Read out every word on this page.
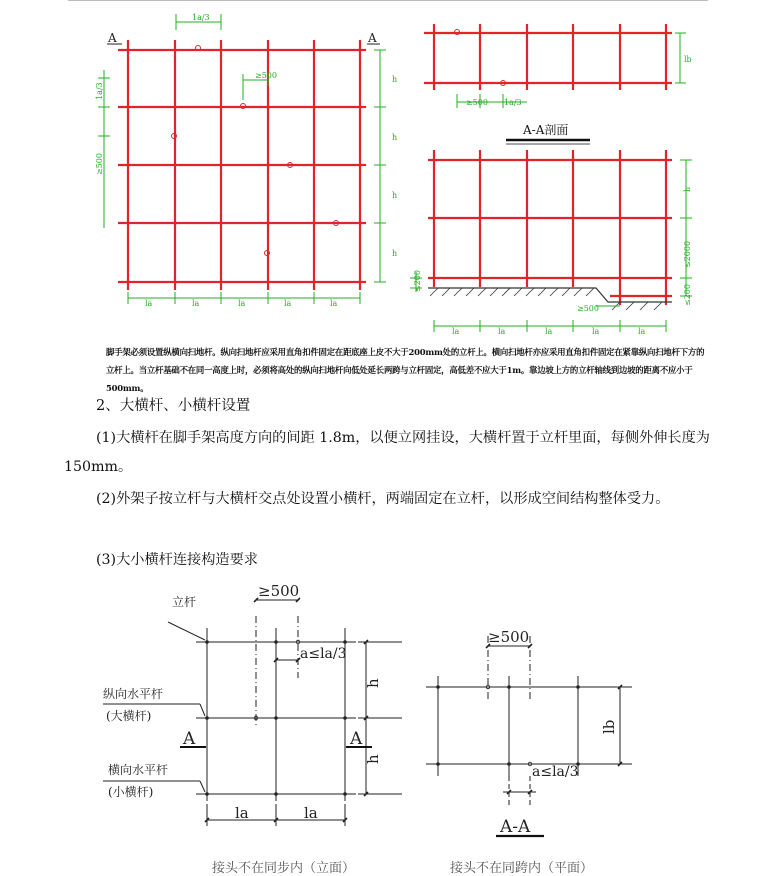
1a/3
≥500	h
h
h
h
la	la	la	la	la
1a/3
≥500
A	A
≥500 1a/3
lb
A-A剖面
h
≤2000
≤200
≤200
≥500
la	la	la	la	la
脚手架必须设置纵横向扫地杆。纵向扫地杆应采用直角扣件固定在距底座上皮不大于200mm处的立杆上。横向扫地杆亦应采用直角扣件固定在紧靠纵向扫地杆下方的立杆上。当立杆基础不在同一高度上时，必须将高处的纵向扫地杆向低处延长两跨与立杆固定，高低差不应大于1m。靠边坡上方的立杆轴线到边坡的距离不应小于500mm。
2、大横杆、小横杆设置
(1)大横杆在脚手架高度方向的间距 1.8m，以便立网挂设，大横杆置于立杆里面，每侧外伸长度为 150mm。
(2)外架子按立杆与大横杆交点处设置小横杆，两端固定在立杆，以形成空间结构整体受力。
(3)大小横杆连接构造要求
立杆
纵向水平杆
(大横杆)
横向水平杆
(小横杆)
≥500
a≤la/3
h
h
la	la
A	A
≥500
lb
a≤la/3
A-A
接头不在同步内（立面）	接头不在同跨内（平面）
